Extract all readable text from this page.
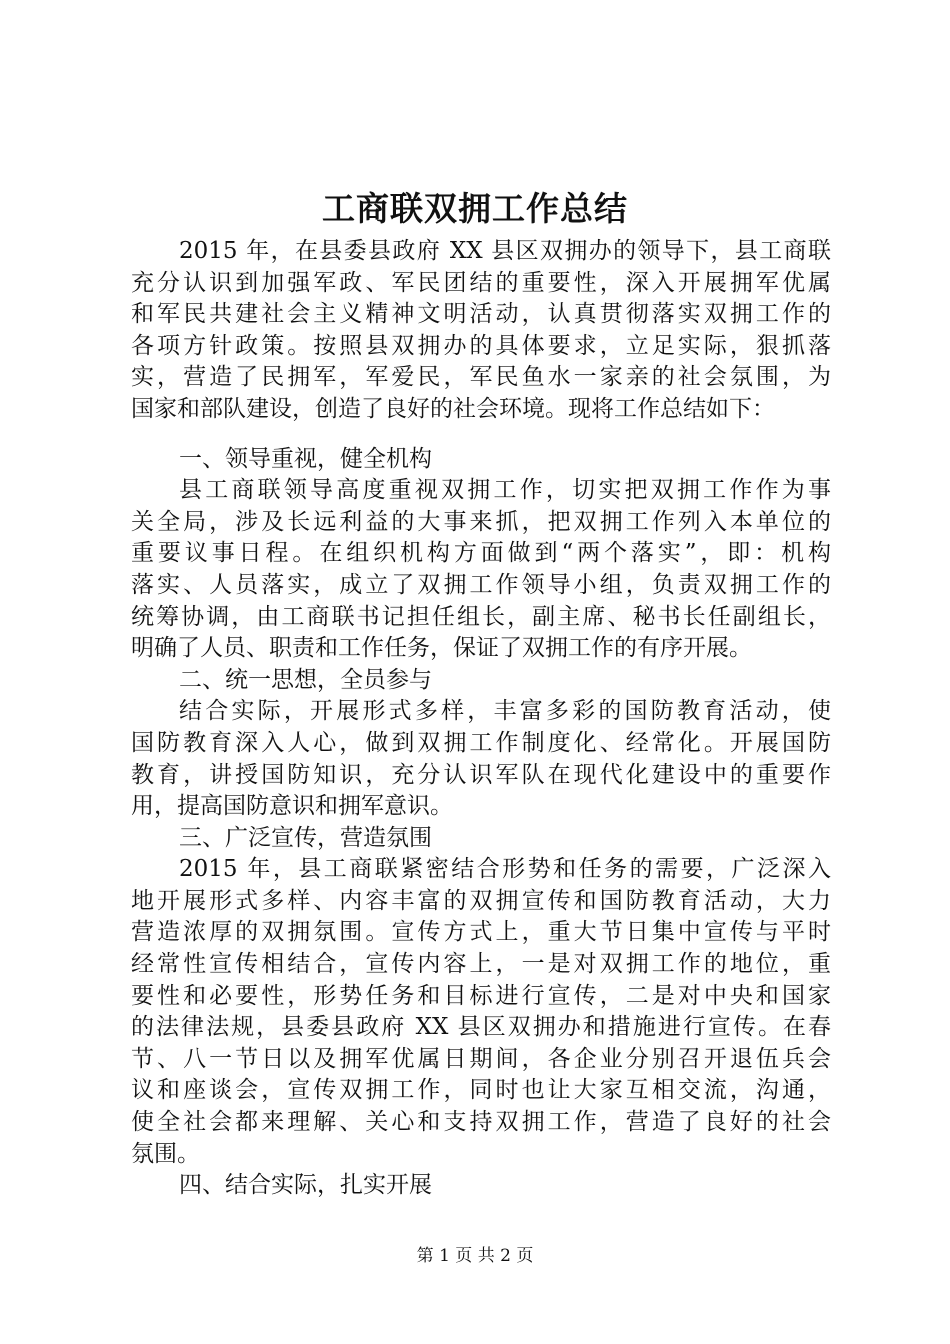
工商联双拥工作总结
2015 年，在县委县政府 XX 县区双拥办的领导下，县工商联
充分认识到加强军政、军民团结的重要性，深入开展拥军优属
和军民共建社会主义精神文明活动，认真贯彻落实双拥工作的
各项方针政策。按照县双拥办的具体要求，立足实际，狠抓落
实，营造了民拥军，军爱民，军民鱼水一家亲的社会氛围，为
国家和部队建设，创造了良好的社会环境。现将工作总结如下：
一、领导重视，健全机构
县工商联领导高度重视双拥工作，切实把双拥工作作为事
关全局，涉及长远利益的大事来抓，把双拥工作列入本单位的
重要议事日程。在组织机构方面做到“两个落实”，即：机构
落实、人员落实，成立了双拥工作领导小组，负责双拥工作的
统筹协调，由工商联书记担任组长，副主席、秘书长任副组长，
明确了人员、职责和工作任务，保证了双拥工作的有序开展。
二、统一思想，全员参与
结合实际，开展形式多样，丰富多彩的国防教育活动，使
国防教育深入人心，做到双拥工作制度化、经常化。开展国防
教育，讲授国防知识，充分认识军队在现代化建设中的重要作
用，提高国防意识和拥军意识。
三、广泛宣传，营造氛围
2015 年，县工商联紧密结合形势和任务的需要，广泛深入
地开展形式多样、内容丰富的双拥宣传和国防教育活动，大力
营造浓厚的双拥氛围。宣传方式上，重大节日集中宣传与平时
经常性宣传相结合，宣传内容上，一是对双拥工作的地位，重
要性和必要性，形势任务和目标进行宣传，二是对中央和国家
的法律法规，县委县政府 XX 县区双拥办和措施进行宣传。在春
节、八一节日以及拥军优属日期间，各企业分别召开退伍兵会
议和座谈会，宣传双拥工作，同时也让大家互相交流，沟通，
使全社会都来理解、关心和支持双拥工作，营造了良好的社会
氛围。
四、结合实际，扎实开展
第 1 页 共 2 页
